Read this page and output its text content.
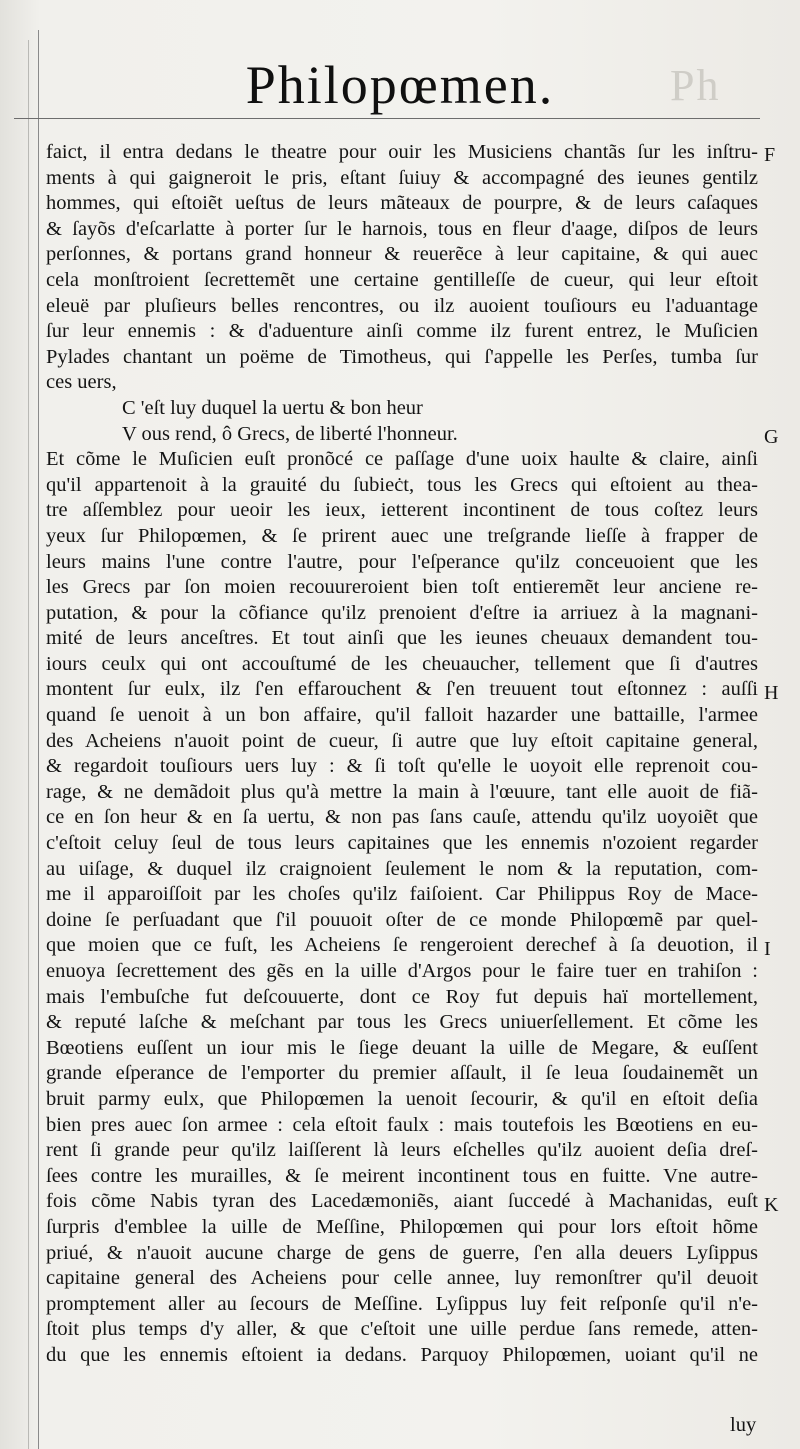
Ph
Philopœmen.
faict, il entra dedans le theatre pour ouir les Musiciens chantãs ſur les inſtru-
ments à qui gaigneroit le pris, eſtant ſuiuy & accompagné des ieunes gentilz
hommes, qui eſtoiẽt ueſtus de leurs mãteaux de pourpre, & de leurs caſaques
& ſayõs d'eſcarlatte à porter ſur le harnois, tous en fleur d'aage, diſpos de leurs
perſonnes, & portans grand honneur & reuerẽce à leur capitaine, & qui auec
cela monſtroient ſecrettemẽt une certaine gentilleſſe de cueur, qui leur eſtoit
eleuë par pluſieurs belles rencontres, ou ilz auoient touſiours eu l'aduantage
ſur leur ennemis : & d'aduenture ainſi comme ilz furent entrez, le Muſicien
Pylades chantant un poëme de Timotheus, qui ſ'appelle les Perſes, tumba ſur
ces uers,
C 'eſt luy duquel la uertu & bon heur
V ous rend, ô Grecs, de liberté l'honneur.
Et cõme le Muſicien euſt pronõcé ce paſſage d'une uoix haulte & claire, ainſi
qu'il appartenoit à la grauité du ſubieċt, tous les Grecs qui eſtoient au thea-
tre aſſemblez pour ueoir les ieux, ietterent incontinent de tous coſtez leurs
yeux ſur Philopœmen, & ſe prirent auec une treſgrande lieſſe à frapper de
leurs mains l'une contre l'autre, pour l'eſperance qu'ilz conceuoient que les
les Grecs par ſon moien recouureroient bien toſt entieremẽt leur anciene re-
putation, & pour la cõfiance qu'ilz prenoient d'eſtre ia arriuez à la magnani-
mité de leurs anceſtres. Et tout ainſi que les ieunes cheuaux demandent tou-
iours ceulx qui ont accouſtumé de les cheuaucher, tellement que ſi d'autres
montent ſur eulx, ilz ſ'en effarouchent & ſ'en treuuent tout eſtonnez : auſſi
quand ſe uenoit à un bon affaire, qu'il falloit hazarder une battaille, l'armee
des Acheiens n'auoit point de cueur, ſi autre que luy eſtoit capitaine general,
& regardoit touſiours uers luy : & ſi toſt qu'elle le uoyoit elle reprenoit cou-
rage, & ne demãdoit plus qu'à mettre la main à l'œuure, tant elle auoit de fiã-
ce en ſon heur & en ſa uertu, & non pas ſans cauſe, attendu qu'ilz uoyoiẽt que
c'eſtoit celuy ſeul de tous leurs capitaines que les ennemis n'ozoient regarder
au uiſage, & duquel ilz craignoient ſeulement le nom & la reputation, com-
me il apparoiſſoit par les choſes qu'ilz faiſoient. Car Philippus Roy de Mace-
doine ſe perſuadant que ſ'il pouuoit oſter de ce monde Philopœmẽ par quel-
que moien que ce fuſt, les Acheiens ſe rengeroient derechef à ſa deuotion, il
enuoya ſecrettement des gẽs en la uille d'Argos pour le faire tuer en trahiſon :
mais l'embuſche fut deſcouuerte, dont ce Roy fut depuis haï mortellement,
& reputé laſche & meſchant par tous les Grecs uniuerſellement. Et cõme les
Bœotiens euſſent un iour mis le ſiege deuant la uille de Megare, & euſſent
grande eſperance de l'emporter du premier aſſault, il ſe leua ſoudainemẽt un
bruit parmy eulx, que Philopœmen la uenoit ſecourir, & qu'il en eſtoit deſia
bien pres auec ſon armee : cela eſtoit faulx : mais toutefois les Bœotiens en eu-
rent ſi grande peur qu'ilz laiſſerent là leurs eſchelles qu'ilz auoient deſia dreſ-
ſees contre les murailles, & ſe meirent incontinent tous en fuitte. Vne autre-
fois cõme Nabis tyran des Lacedæmoniẽs, aiant ſuccedé à Machanidas, euſt
ſurpris d'emblee la uille de Meſſine, Philopœmen qui pour lors eſtoit hõme
priué, & n'auoit aucune charge de gens de guerre, ſ'en alla deuers Lyſippus
capitaine general des Acheiens pour celle annee, luy remonſtrer qu'il deuoit
promptement aller au ſecours de Meſſine. Lyſippus luy feit reſponſe qu'il n'e-
ſtoit plus temps d'y aller, & que c'eſtoit une uille perdue ſans remede, atten-
du que les ennemis eſtoient ia dedans. Parquoy Philopœmen, uoiant qu'il ne
F
G
H
I
K
luy
